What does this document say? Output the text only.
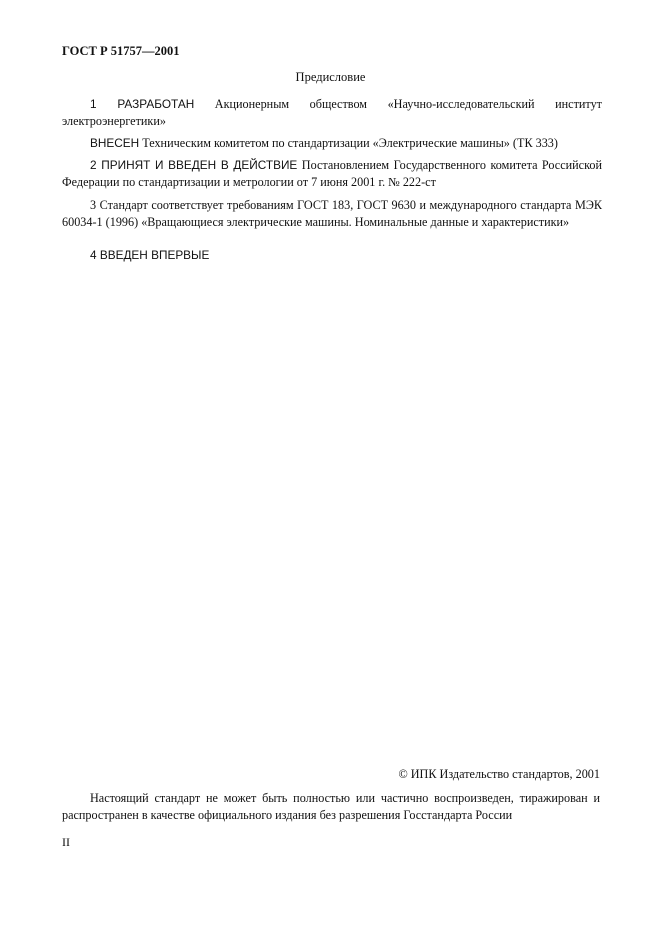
ГОСТ Р 51757—2001
Предисловие
1 РАЗРАБОТАН Акционерным обществом «Научно-исследовательский институт электроэнергетики»
ВНЕСЕН Техническим комитетом по стандартизации «Электрические машины» (ТК 333)
2 ПРИНЯТ И ВВЕДЕН В ДЕЙСТВИЕ Постановлением Государственного комитета Российской Федерации по стандартизации и метрологии от 7 июня 2001 г. № 222-ст
3 Стандарт соответствует требованиям ГОСТ 183, ГОСТ 9630 и международного стандарта МЭК 60034-1 (1996) «Вращающиеся электрические машины. Номинальные данные и характеристики»
4 ВВЕДЕН ВПЕРВЫЕ
© ИПК Издательство стандартов, 2001
Настоящий стандарт не может быть полностью или частично воспроизведен, тиражирован и распространен в качестве официального издания без разрешения Госстандарта России
II
